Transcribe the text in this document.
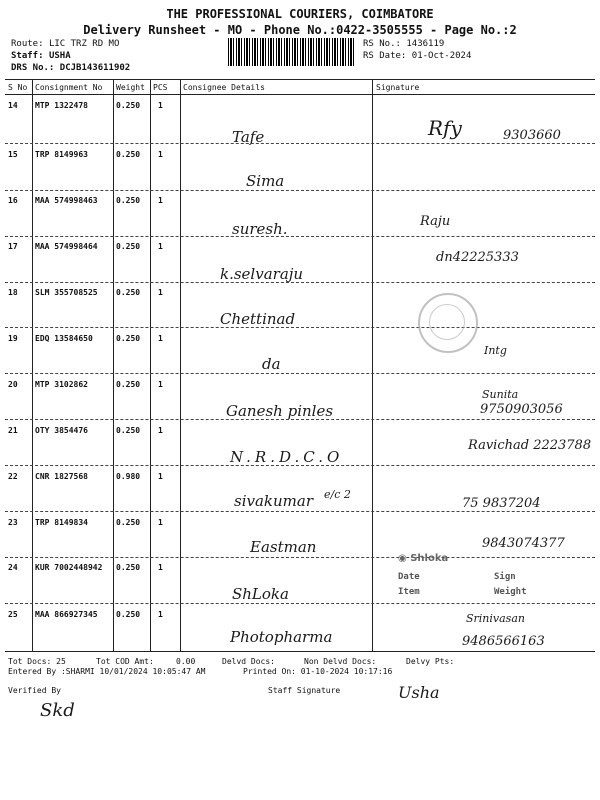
THE PROFESSIONAL COURIERS, COIMBATORE
Delivery Runsheet - MO - Phone No.:0422-3505555 - Page No.:2
Route: LIC TRZ RD MO
Staff: USHA
DRS No.: DCJB143611902
RS No.: 1436119
RS Date: 01-Oct-2024
S No Consignment No Weight PCS Consignee Details	Signature
14 MTP 1322478	0.250 1
Tafe	Rfy	9303660
15 TRP 8149963	0.250 1
Sima
16 MAA 574998463 0.250 1
suresh.	Raju
17 MAA 574998464 0.250 1
k.selvaraju
dn42225333
18 SLM 355708525 0.250 1
Chettinad
19 EDQ 13584650	0.250 1
da
Intg
20 MTP 3102862	0.250 1
Ganesh pinles
Sunita
9750903056
21 OTY 3854476	0.250 1
N.R.D.C.O
Ravichad 2223788
22 CNR 1827568	0.980 1
sivakumar e/c 2
75 9837204
23 TRP 8149834	0.250 1
Eastman	9843074377
24 KUR 7002448942 0.250 1
ShLoka
25 MAA 866927345 0.250 1
Photopharma
Srinivasan
9486566163
◉ Shloka
Date	Sign
Item	Weight
Tot Docs: 25	Tot COD Amt:	0.00	Delvd Docs:	Non Delvd Docs:	Delvy Pts:
Entered By :SHARMI 10/01/2024 10:05:47 AM	Printed On: 01-10-2024 10:17:16
Verified By	Staff Signature
Skd
Usha
